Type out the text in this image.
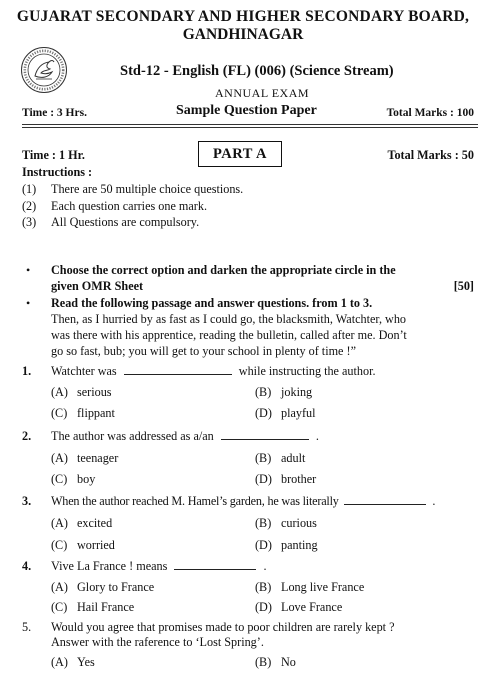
GUJARAT SECONDARY AND HIGHER SECONDARY BOARD,
GANDHINAGAR
Std-12 - English (FL) (006) (Science Stream)
ANNUAL EXAM
Time : 3 Hrs.	Sample Question Paper	Total Marks : 100
Time : 1 Hr.	PART A	Total Marks : 50
Instructions :
(1) There are 50 multiple choice questions.
(2) Each question carries one mark.
(3) All Questions are compulsory.
• Choose the correct option and darken the appropriate circle in the
given OMR Sheet	[50]
• Read the following passage and answer questions. from 1 to 3.
Then, as I hurried by as fast as I could go, the blacksmith, Watchter, who
was there with his apprentice, reading the bulletin, called after me. Don’t
go so fast, bub; you will get to your school in plenty of time !”
1. Watchter was	while instructing the author.
(A) serious	(B) joking
(C) flippant	(D) playful
2. The author was addressed as a/an	.
(A) teenager	(B) adult
(C) boy	(D) brother
3. When the author reached M. Hamel’s garden, he was literally	.
(A) excited	(B) curious
(C) worried	(D) panting
4. Vive La France ! means	.
(A) Glory to France	(B) Long live France
(C) Hail France	(D) Love France
5. Would you agree that promises made to poor children are rarely kept ?
Answer with the raference to ‘Lost Spring’.
(A) Yes	(B) No
